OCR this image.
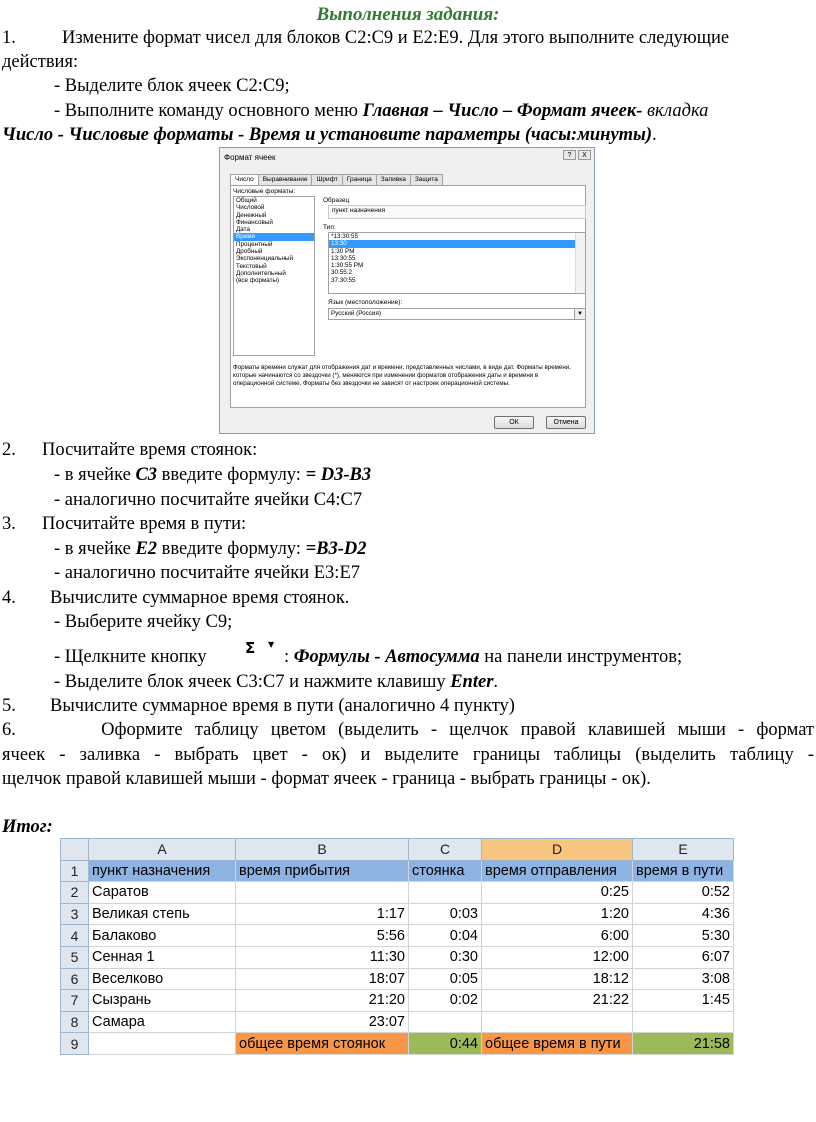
Выполнения задания:
1. Измените формат чисел для блоков С2:С9 и Е2:Е9. Для этого выполните следующие
действия:
- Выделите блок ячеек С2:С9;
- Выполните команду основного меню Главная – Число – Формат ячеек- вкладка
Число - Числовые форматы - Время и установите параметры (часы:минуты).
Формат ячеек	?	X
Число	Выравнивание	Шрифт	Граница	Заливка	Защита
Числовые форматы:
Общий
Числовой
Денежный
Финансовый
Дата
Время
Процентный
Дробный
Экспоненциальный
Текстовый
Дополнительный
(все форматы)
Образец
пункт назначения
Тип:
*13:30:55
13:30
1:30 PM
13:30:55
1:30:55 PM
30:55.2
37:30:55
Язык (местоположение):
Русский (Россия)	▼
Форматы времени служат для отображения дат и времени, представленных числами, в виде дат. Форматы времени, которые начинаются со звездочки (*), меняются при изменении форматов отображения даты и времени в операционной системе. Форматы без звездочки не зависят от настроек операционной системы.
ОК	Отмена
2. Посчитайте время стоянок:
- в ячейке С3 введите формулу: = D3-B3
- аналогично посчитайте ячейки С4:С7
3. Посчитайте время в пути:
- в ячейке E2 введите формулу: =B3-D2
- аналогично посчитайте ячейки Е3:Е7
4. Вычислите суммарное время стоянок.
- Выберите ячейку С9;
- Щелкните кнопку	Σ ▼
: Формулы - Автосумма на панели инструментов;
- Выделите блок ячеек С3:С7 и нажмите клавишу Enter.
5. Вычислите суммарное время в пути (аналогично 4 пункту)
6.	Оформите таблицу цветом (выделить - щелчок правой клавишей мыши - формат
ячеек - заливка - выбрать цвет - ок) и выделите границы таблицы (выделить таблицу -
щелчок правой клавишей мыши - формат ячеек - граница - выбрать границы - ок).
Итог:
	A	B	C	D	E
1	пункт назначения	время прибытия	стоянка	время отправления	время в пути
2	Саратов			0:25	0:52
3	Великая степь	1:17	0:03	1:20	4:36
4	Балаково	5:56	0:04	6:00	5:30
5	Сенная 1	11:30	0:30	12:00	6:07
6	Веселково	18:07	0:05	18:12	3:08
7	Сызрань	21:20	0:02	21:22	1:45
8	Самара	23:07			
9		общее время стоянок	0:44	общее время в пути	21:58
